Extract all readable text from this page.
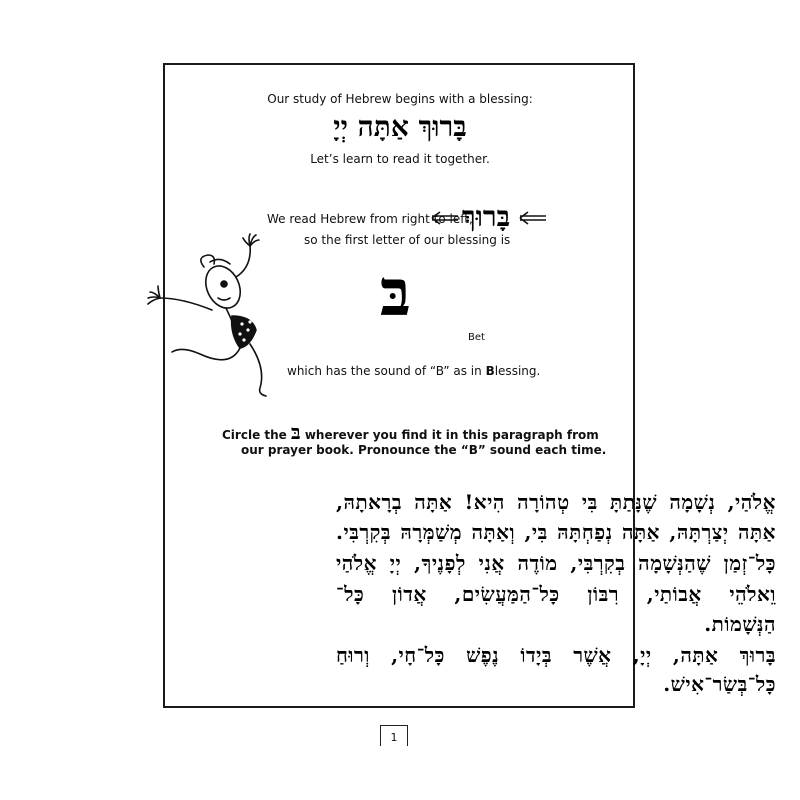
Our study of Hebrew begins with a blessing:
בָּרוּךְ אַתָּה יְיָ
Let’s learn to read it together.
We read Hebrew from right to left,
בָּרוּךְ
so the first letter of our blessing is
בּ
Bet
which has the sound of “B” as in Blessing.
Circle the בּ wherever you find it in this paragraph from
our prayer book. Pronounce the “B” sound each time.
אֱלֹהַי, נְשָׁמָה שֶׁנָּתַתָּ בִּי טְהוֹרָה הִיא! אַתָּה בְרָאתָהּ,
אַתָּה יְצַרְתָּהּ, אַתָּה נְפַחְתָּהּ בִּי, וְאַתָּה מְשַׁמְּרָהּ בְּקִרְבִּי.
כָּל־זְמַן שֶׁהַנְּשָׁמָה בְקִרְבִּי, מוֹדֶה אֲנִי לְפָנֶיךָ, יְיָ אֱלֹהַי
וֵאלֹהֵי אֲבוֹתַי, רִבּוֹן כָּל־הַמַּעֲשִׂים, אֲדוֹן כָּל־
הַנְּשָׁמוֹת.
בָּרוּךְ אַתָּה, יְיָ, אֲשֶׁר בְּיָדוֹ נֶפֶשׁ כָּל־חָי, וְרוּחַ
כָּל־בְּשַׂר־אִישׁ.
1
